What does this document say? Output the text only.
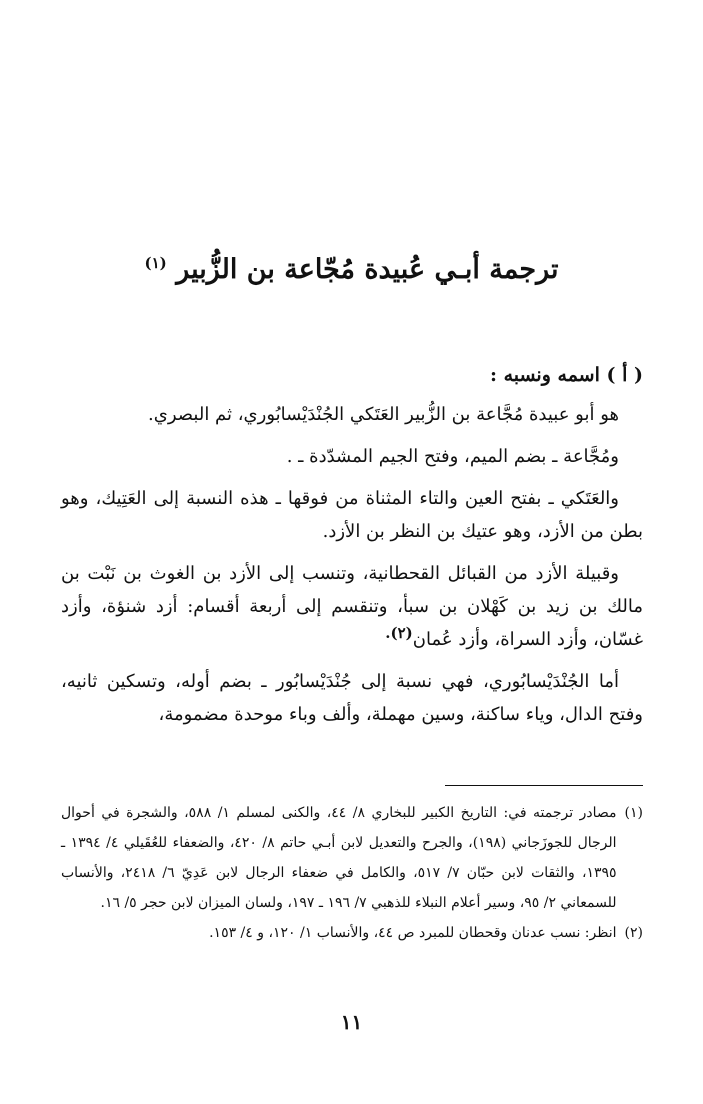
ترجمة أبـي عُبيدة مُجّاعة بن الزُّبير $^{(١)}$
( أ ) اسمه ونسبه :

هو أبو عبيدة مُجَّاعة بن الزُّبير العَتَكي الجُنْدَيْسابُوري، ثم البصري.

ومُجَّاعة ـ بضم الميم، وفتح الجيم المشدّدة ـ .

والعَتَكي ـ بفتح العين والتاء المثناة من فوقها ـ هذه النسبة إلى العَتِيك، وهو بطن من الأزد، وهو عتيك بن النظر بن الأزد.

وقبيلة الأزد من القبائل القحطانية، وتنسب إلى الأزد بن الغوث بن نَبْت بن مالك بن زيد بن كَهْلان بن سبأ، وتنقسم إلى أربعة أقسام: أزد شنؤة، وأزد غسّان، وأزد السراة، وأزد عُمان$^{(٢).}$

أما الجُنْدَيْسابُوري، فهي نسبة إلى جُنْدَيْسابُور ـ بضم أوله، وتسكين ثانيه، وفتح الدال، وياء ساكنة، وسين مهملة، وألف وباء موحدة مضمومة،

(١)
مصادر ترجمته في: التاريخ الكبير للبخاري ٨/ ٤٤، والكنى لمسلم ١/ ٥٨٨، والشجرة في أحوال الرجال للجوزَجاني (١٩٨)، والجرح والتعديل لابن أبـي حاتم ٨/ ٤٢٠، والضعفاء للعُقَيلي ٤/ ١٣٩٤ ـ ١٣٩٥، والثقات لابن حبّان ٧/ ٥١٧، والكامل في ضعفاء الرجال لابن عَدِيّ ٦/ ٢٤١٨، والأنساب للسمعاني ٢/ ٩٥، وسير أعلام النبلاء للذهبي ٧/ ١٩٦ ـ ١٩٧، ولسان الميزان لابن حجر ٥/ ١٦.
(٢)
انظر: نسب عدنان وقحطان للمبرد ص ٤٤، والأنساب ١/ ١٢٠، و ٤/ ١٥٣.
١١
